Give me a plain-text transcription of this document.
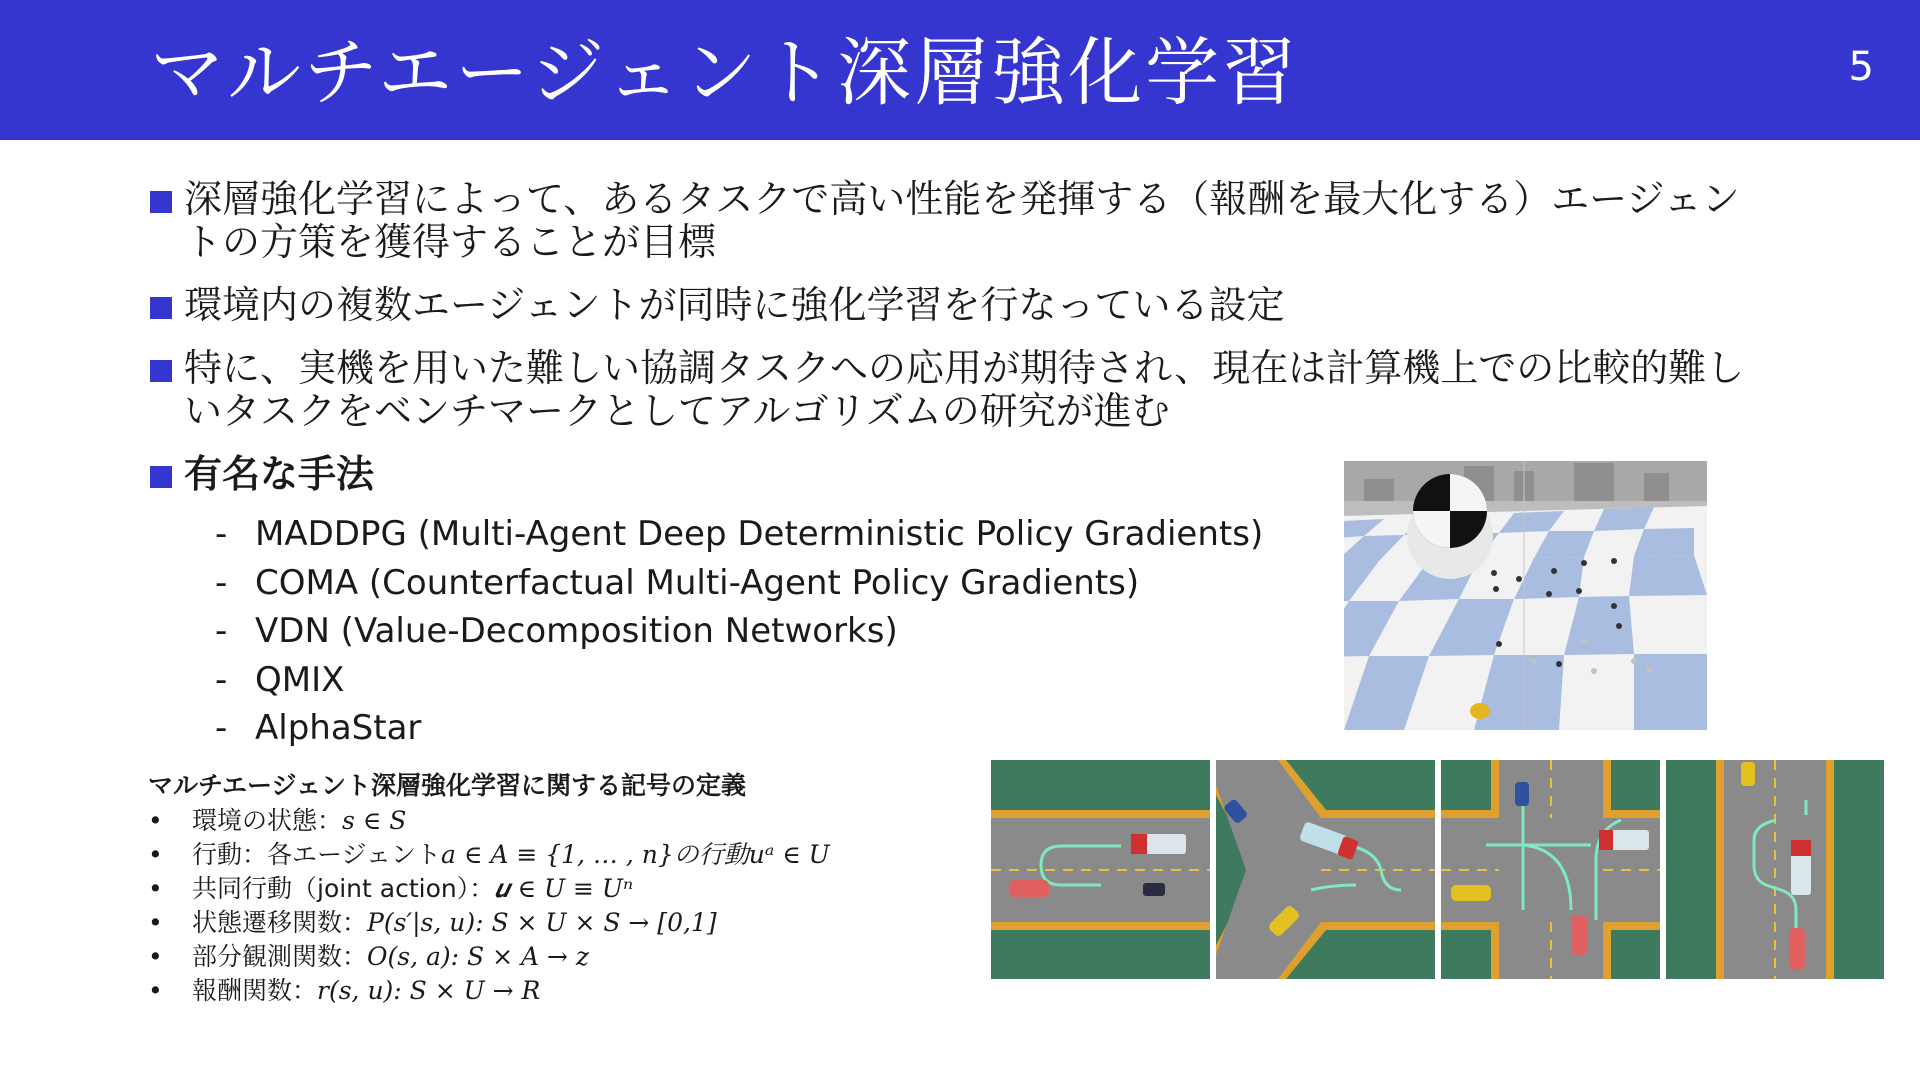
マルチエージェント深層強化学習	5
深層強化学習によって、あるタスクで高い性能を発揮する（報酬を最大化する）エージェントの方策を獲得することが目標
環境内の複数エージェントが同時に強化学習を行なっている設定
特に、実機を用いた難しい協調タスクへの応用が期待され、現在は計算機上での比較的難しいタスクをベンチマークとしてアルゴリズムの研究が進む
有名な手法
- MADDPG (Multi-Agent Deep Deterministic Policy Gradients)
- COMA (Counterfactual Multi-Agent Policy Gradients)
- VDN (Value-Decomposition Networks)
- QMIX
- AlphaStar
マルチエージェント深層強化学習に関する記号の定義
•	環境の状態： s ∈ S
•	行動：各エージェント a ∈ A ≡ {1, … , n}の行動uᵃ ∈ U
•	共同行動（joint action）： 𝒖 ∈ U ≡ Uⁿ
•	状態遷移関数： P(s′|s, u): S × U × S → [0,1]
•	部分観測関数： O(s, a): S × A → z
•	報酬関数： r(s, u): S × U → R
